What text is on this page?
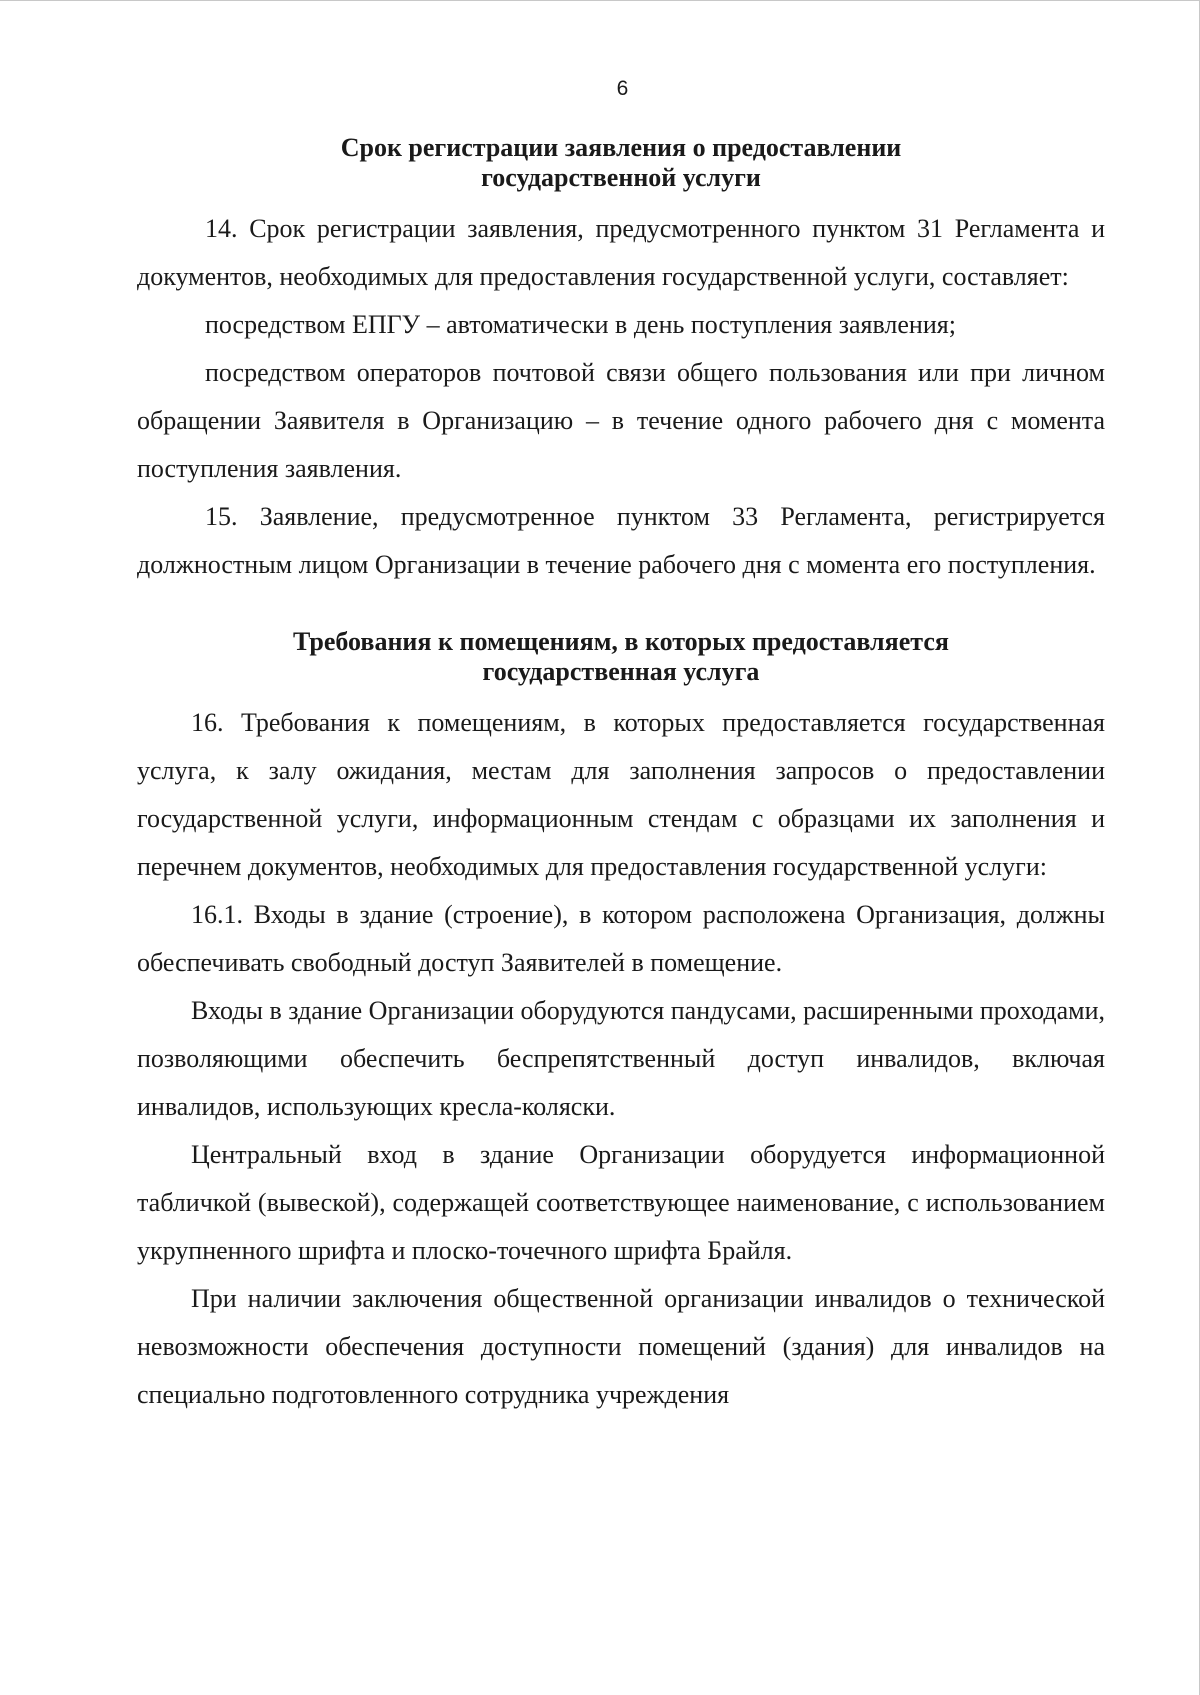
6
Срок регистрации заявления о предоставлении
государственной услуги

14. Срок регистрации заявления, предусмотренного пунктом 31 Регламента и документов, необходимых для предоставления государственной услуги, составляет:

посредством ЕПГУ – автоматически в день поступления заявления;

посредством операторов почтовой связи общего пользования или при личном обращении Заявителя в Организацию – в течение одного рабочего дня с момента поступления заявления.

15. Заявление, предусмотренное пунктом 33 Регламента, регистрируется должностным лицом Организации в течение рабочего дня с момента его поступления.

Требования к помещениям, в которых предоставляется
государственная услуга

16. Требования к помещениям, в которых предоставляется государственная услуга, к залу ожидания, местам для заполнения запросов о предоставлении государственной услуги, информационным стендам с образцами их заполнения и перечнем документов, необходимых для предоставления государственной услуги:

16.1. Входы в здание (строение), в котором расположена Организация, должны обеспечивать свободный доступ Заявителей в помещение.

Входы в здание Организации оборудуются пандусами, расширенными проходами, позволяющими обеспечить беспрепятственный доступ инвалидов, включая инвалидов, использующих кресла-коляски.

Центральный вход в здание Организации оборудуется информационной табличкой (вывеской), содержащей соответствующее наименование, с использованием укрупненного шрифта и плоско-точечного шрифта Брайля.

При наличии заключения общественной организации инвалидов о технической невозможности обеспечения доступности помещений (здания) для инвалидов на специально подготовленного сотрудника учреждения
